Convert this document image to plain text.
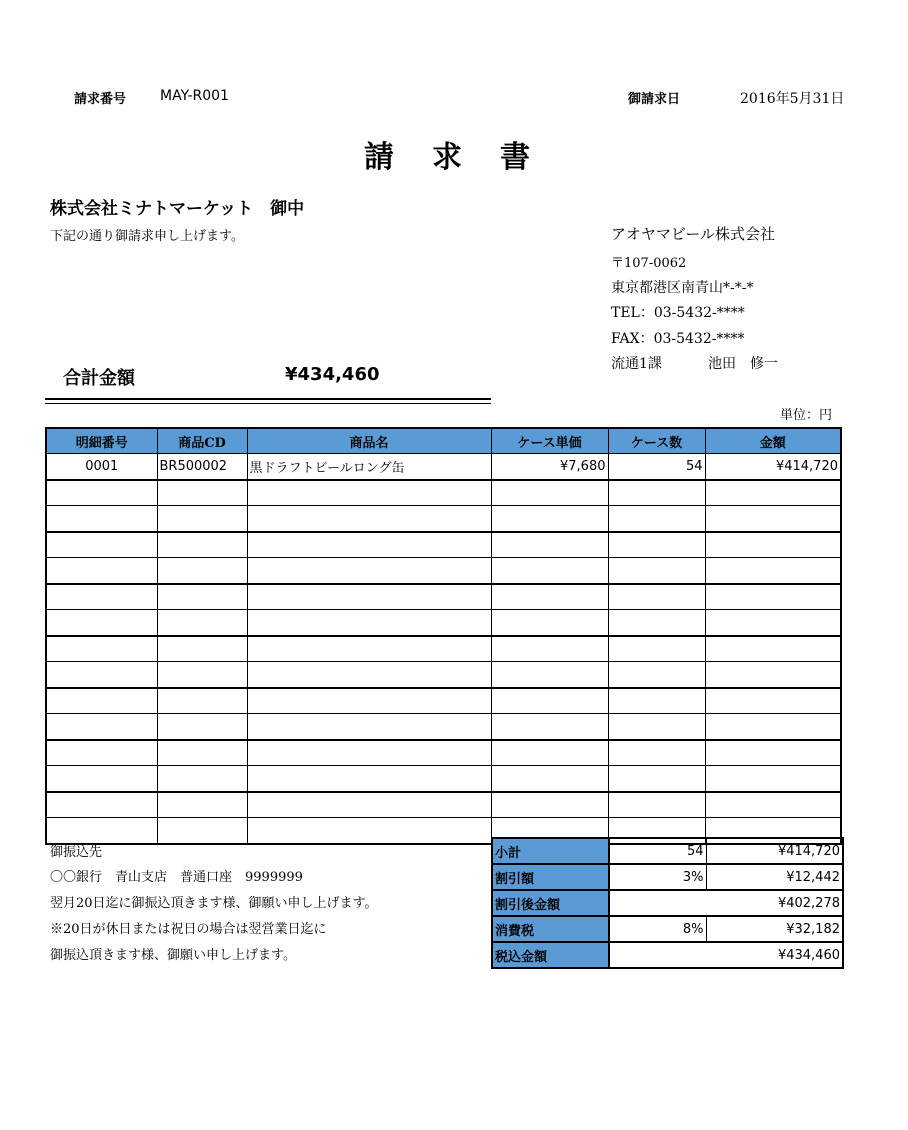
請求番号 MAY-R001	御請求日	2016年5月31日
請　求　書
株式会社ミナトマーケット　御中
下記の通り御請求申し上げます。	アオヤマビール株式会社
〒107-0062
東京都港区南青山*-*-*
TEL：03-5432-****
FAX：03-5432-****
流通1課	池田　修一
合計金額	¥434,460
単位：円
明細番号	商品CD	商品名	ケース単価	ケース数	金額
0001	BR500002	黒ドラフトビールロング缶	¥7,680	54	¥414,720

御振込先
〇〇銀行　青山支店　普通口座　9999999
翌月20日迄に御振込頂きます様、御願い申し上げます。
※20日が休日または祝日の場合は翌営業日迄に
御振込頂きます様、御願い申し上げます。
小計	54	¥414,720
割引額	3%	¥12,442
割引後金額	¥402,278	
消費税	8%	¥32,182
税込金額	¥434,460	
